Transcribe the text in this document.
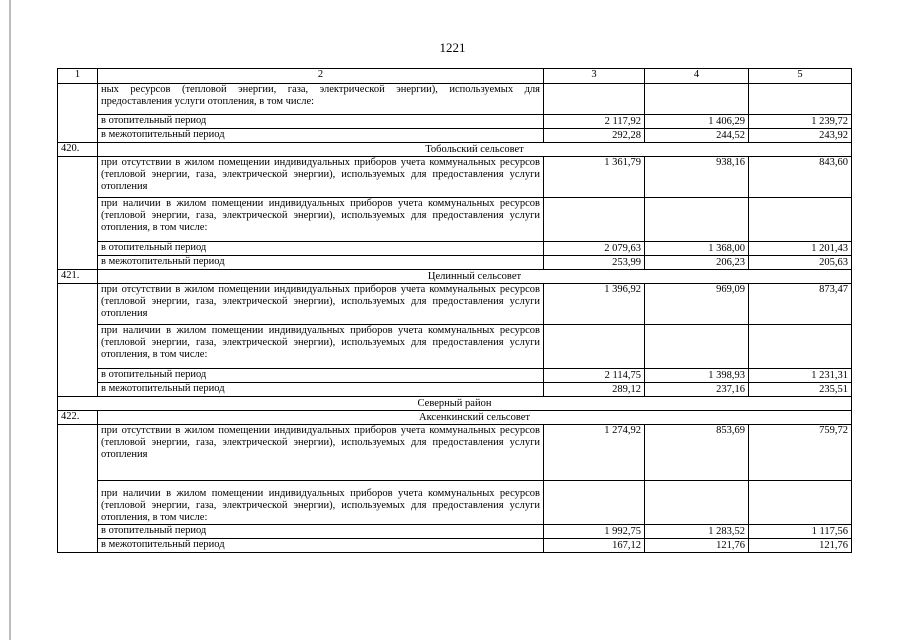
1221
1	2	3	4	5
	ных ресурсов (тепловой энергии, газа, электрической энергии), используемых для предоставления услуги отопления, в том числе:			
	в отопительный период	2 117,92	1 406,29	1 239,72
	в межотопительный период	292,28	244,52	243,92
420.	Тобольский сельсовет			
	при отсутствии в жилом помещении индивидуальных приборов учета коммунальных ресурсов (тепловой энергии, газа, электрической энергии), используемых для предоставления услуги отопления	1 361,79	938,16	843,60
	при наличии в жилом помещении индивидуальных приборов учета коммунальных ресурсов (тепловой энергии, газа, электрической энергии), используемых для предоставления услуги отопления, в том числе:			
	в отопительный период	2 079,63	1 368,00	1 201,43
	в межотопительный период	253,99	206,23	205,63
421.	Целинный сельсовет			
	при отсутствии в жилом помещении индивидуальных приборов учета коммунальных ресурсов (тепловой энергии, газа, электрической энергии), используемых для предоставления услуги отопления	1 396,92	969,09	873,47
	при наличии в жилом помещении индивидуальных приборов учета коммунальных ресурсов (тепловой энергии, газа, электрической энергии), используемых для предоставления услуги отопления, в том числе:			
	в отопительный период	2 114,75	1 398,93	1 231,31
	в межотопительный период	289,12	237,16	235,51
Северный район				
422.	Аксенкинский сельсовет			
	при отсутствии в жилом помещении индивидуальных приборов учета коммунальных ресурсов (тепловой энергии, газа, электрической энергии), используемых для предоставления услуги отопления	1 274,92	853,69	759,72
	при наличии в жилом помещении индивидуальных приборов учета коммунальных ресурсов (тепловой энергии, газа, электрической энергии), используемых для предоставления услуги отопления, в том числе:			
	в отопительный период	1 992,75	1 283,52	1 117,56
	в межотопительный период	167,12	121,76	121,76
